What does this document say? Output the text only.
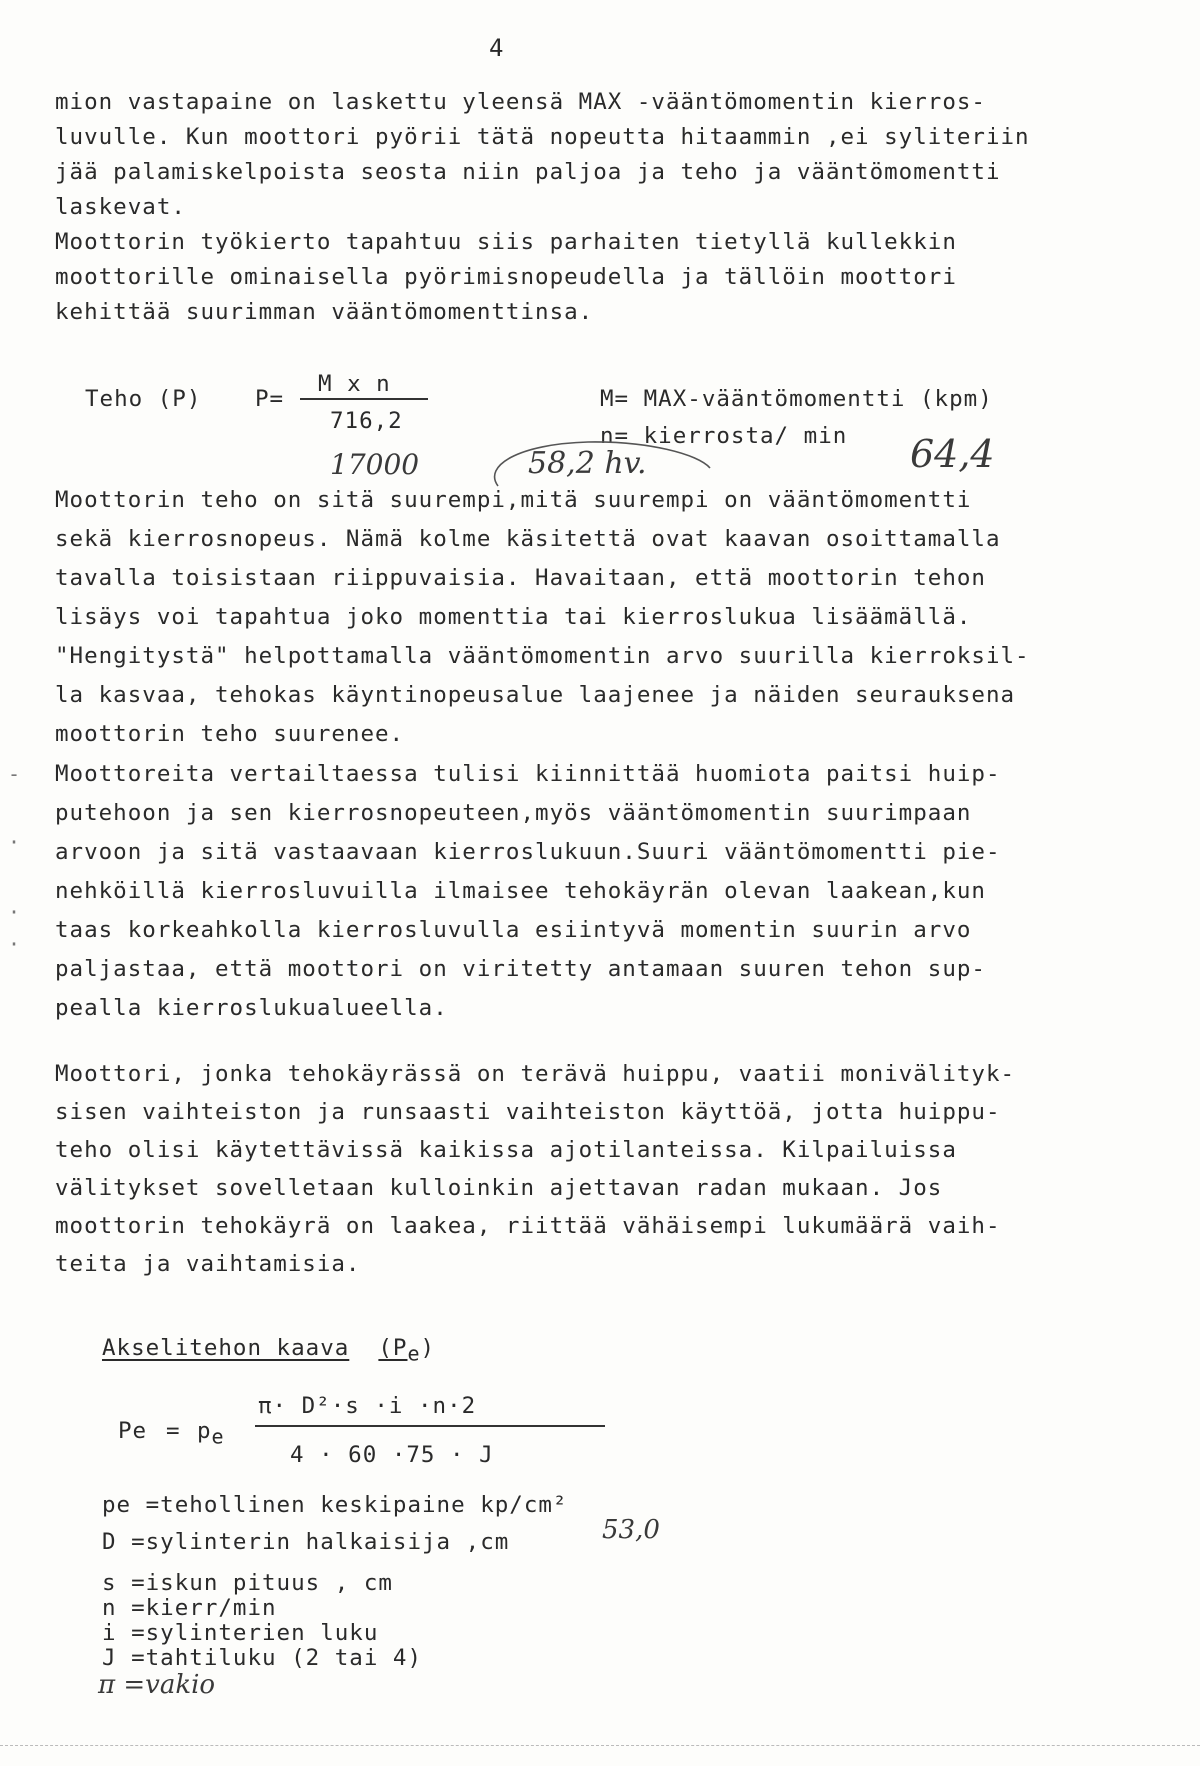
4
mion vastapaine on laskettu yleensä MAX -vääntömomentin kierros-
luvulle. Kun moottori pyörii tätä nopeutta hitaammin ,ei syliteriin
jää palamiskelpoista seosta niin paljoa ja teho ja vääntömomentti
laskevat.
Moottorin työkierto tapahtuu siis parhaiten tietyllä kullekkin
moottorille ominaisella pyörimisnopeudella ja tällöin moottori
kehittää suurimman vääntömomenttinsa.
Teho (P) P=
M x n
716,2
M= MAX-vääntömomentti (kpm)
n= kierrosta/ min
17000	58,2 hv.	64,4
Moottorin teho on sitä suurempi,mitä suurempi on vääntömomentti
sekä kierrosnopeus. Nämä kolme käsitettä ovat kaavan osoittamalla
tavalla toisistaan riippuvaisia. Havaitaan, että moottorin tehon
lisäys voi tapahtua joko momenttia tai kierroslukua lisäämällä.
"Hengitystä" helpottamalla vääntömomentin arvo suurilla kierroksil-
la kasvaa, tehokas käyntinopeusalue laajenee ja näiden seurauksena
moottorin teho suurenee.
Moottoreita vertailtaessa tulisi kiinnittää huomiota paitsi huip-
putehoon ja sen kierrosnopeuteen,myös vääntömomentin suurimpaan
arvoon ja sitä vastaavaan kierroslukuun.Suuri vääntömomentti pie-
nehköillä kierrosluvuilla ilmaisee tehokäyrän olevan laakean,kun
taas korkeahkolla kierrosluvulla esiintyvä momentin suurin arvo
paljastaa, että moottori on viritetty antamaan suuren tehon sup-
pealla kierroslukualueella.
Moottori, jonka tehokäyrässä on terävä huippu, vaatii monivälityk-
sisen vaihteiston ja runsaasti vaihteiston käyttöä, jotta huippu-
teho olisi käytettävissä kaikissa ajotilanteissa. Kilpailuissa
välitykset sovelletaan kulloinkin ajettavan radan mukaan. Jos
moottorin tehokäyrä on laakea, riittää vähäisempi lukumäärä vaih-
teita ja vaihtamisia.
Akselitehon kaava $(P_e)$
$Pe = p_e$
π· D²·s ·i ·n·2
4 · 60 ·75 · J
pe =tehollinen keskipaine kp/cm²
D =sylinterin halkaisija ,cm	53,0
s =iskun pituus , cm
n =kierr/min
i =sylinterien luku
J =tahtiluku (2 tai 4)
π =vakio
-
·
·
·
